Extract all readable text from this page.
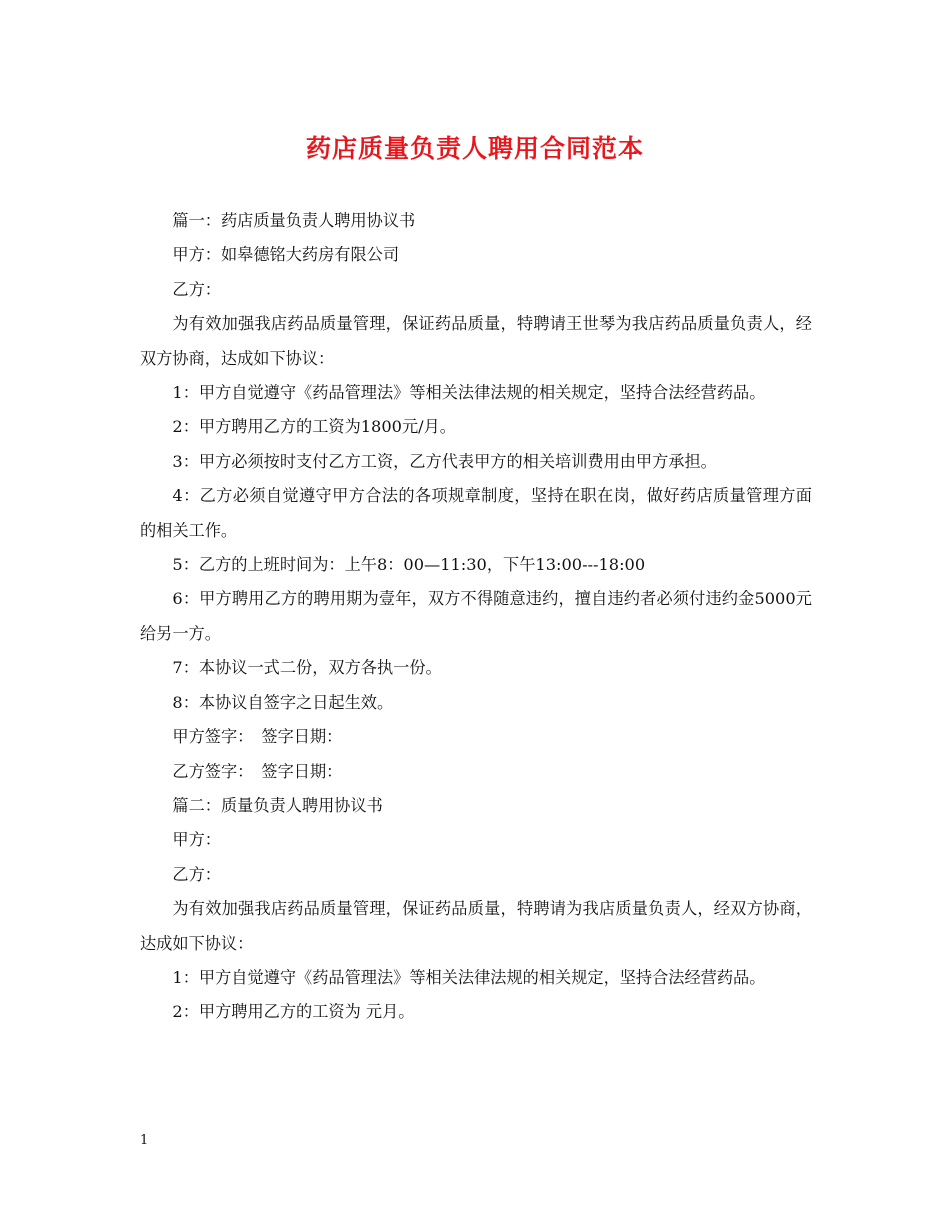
药店质量负责人聘用合同范本

篇一：药店质量负责人聘用协议书

甲方：如皋德铭大药房有限公司

乙方：

为有效加强我店药品质量管理，保证药品质量，特聘请王世琴为我店药品质量负责人，经双方协商，达成如下协议：

1：甲方自觉遵守《药品管理法》等相关法律法规的相关规定，坚持合法经营药品。

2：甲方聘用乙方的工资为1800元/月。

3：甲方必须按时支付乙方工资，乙方代表甲方的相关培训费用由甲方承担。

4：乙方必须自觉遵守甲方合法的各项规章制度，坚持在职在岗，做好药店质量管理方面的相关工作。

5：乙方的上班时间为：上午8：00—11:30，下午13:00---18:00

6：甲方聘用乙方的聘用期为壹年，双方不得随意违约，擅自违约者必须付违约金5000元给另一方。

7：本协议一式二份，双方各执一份。

8：本协议自签字之日起生效。

甲方签字：　签字日期：

乙方签字：　签字日期：

篇二：质量负责人聘用协议书

甲方：

乙方：

为有效加强我店药品质量管理，保证药品质量，特聘请为我店质量负责人，经双方协商，达成如下协议：

1：甲方自觉遵守《药品管理法》等相关法律法规的相关规定，坚持合法经营药品。

2：甲方聘用乙方的工资为 元月。

1
